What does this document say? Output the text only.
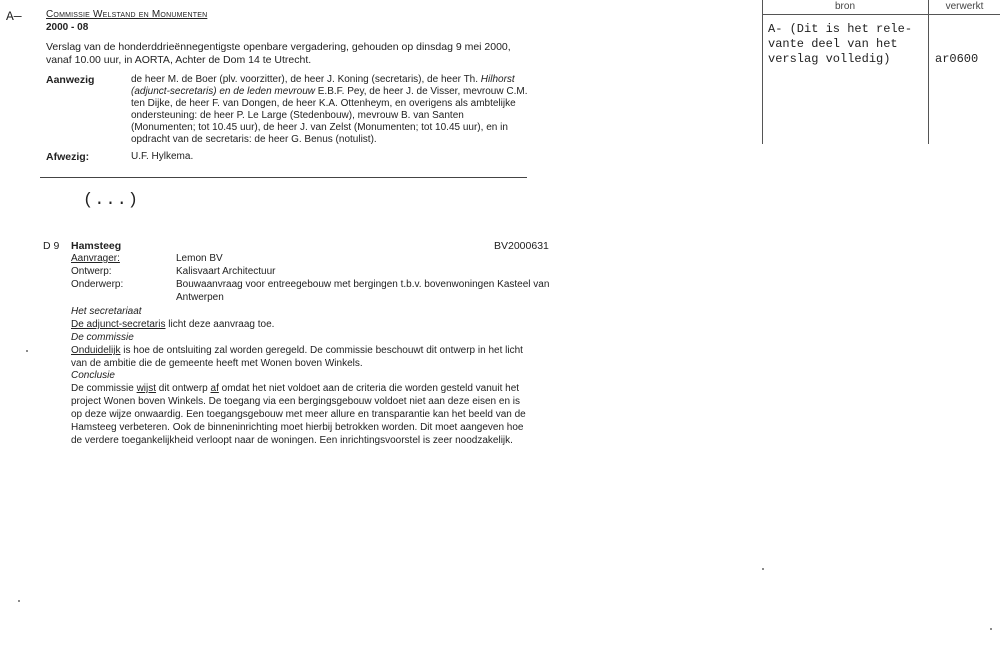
A— Commissie Welstand en Monumenten
2000 - 08
Verslag van de honderddrieënnegentigste openbare vergadering, gehouden op dinsdag 9 mei 2000, vanaf 10.00 uur, in AORTA, Achter de Dom 14 te Utrecht.
Aanwezig	de heer M. de Boer (plv. voorzitter), de heer J. Koning (secretaris), de heer Th. Hilhorst (adjunct-secretaris) en de leden mevrouw E.B.F. Pey, de heer J. de Visser, mevrouw C.M. ten Dijke, de heer F. van Dongen, de heer K.A. Ottenheym, en overigens als ambtelijke ondersteuning: de heer P. Le Large (Stedenbouw), mevrouw B. van Santen (Monumenten; tot 10.45 uur), de heer J. van Zelst (Monumenten; tot 10.45 uur), en in opdracht van de secretaris: de heer G. Benus (notulist).
Afwezig:	U.F. Hylkema.
(...)
D 9 Hamsteeg	BV2000631
Aanvrager:	Lemon BV
Ontwerp:	Kalisvaart Architectuur
Onderwerp:	Bouwaanvraag voor entreegebouw met bergingen t.b.v. bovenwoningen Kasteel van Antwerpen
Het secretariaat
De adjunct-secretaris licht deze aanvraag toe.
De commissie
Onduidelijk is hoe de ontsluiting zal worden geregeld. De commissie beschouwt dit ontwerp in het licht van de ambitie die de gemeente heeft met Wonen boven Winkels.
Conclusie
De commissie wijst dit ontwerp af omdat het niet voldoet aan de criteria die worden gesteld vanuit het project Wonen boven Winkels. De toegang via een bergingsgebouw voldoet niet aan deze eisen en is op deze wijze onwaardig. Een toegangsgebouw met meer allure en transparantie kan het beeld van de Hamsteeg verbeteren. Ook de binneninrichting moet hierbij betrokken worden. Dit moet aangeven hoe de verdere toegankelijkheid verloopt naar de woningen. Een inrichtingsvoorstel is zeer noodzakelijk.
bron	verwerkt
A- (Dit is het rele-
vante deel van het
verslag volledig)	ar0600
